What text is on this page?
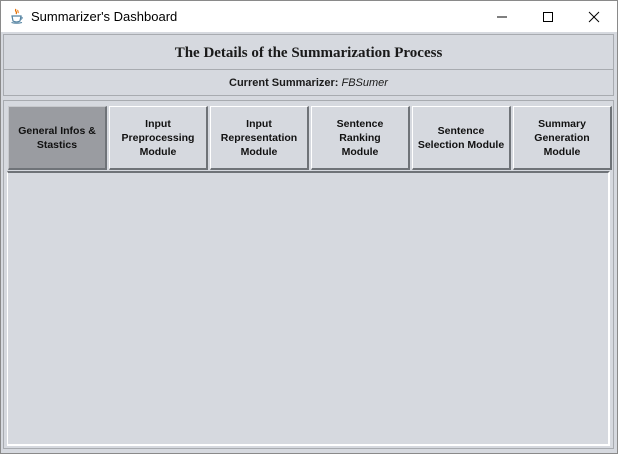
Summarizer's Dashboard
The Details of the Summarization Process
Current Summarizer: FBSumer
General Infos &
Stastics
Input
Preprocessing
Module
Input
Representation
Module
Sentence Ranking
Module
Sentence
Selection Module
Summary
Generation Module
